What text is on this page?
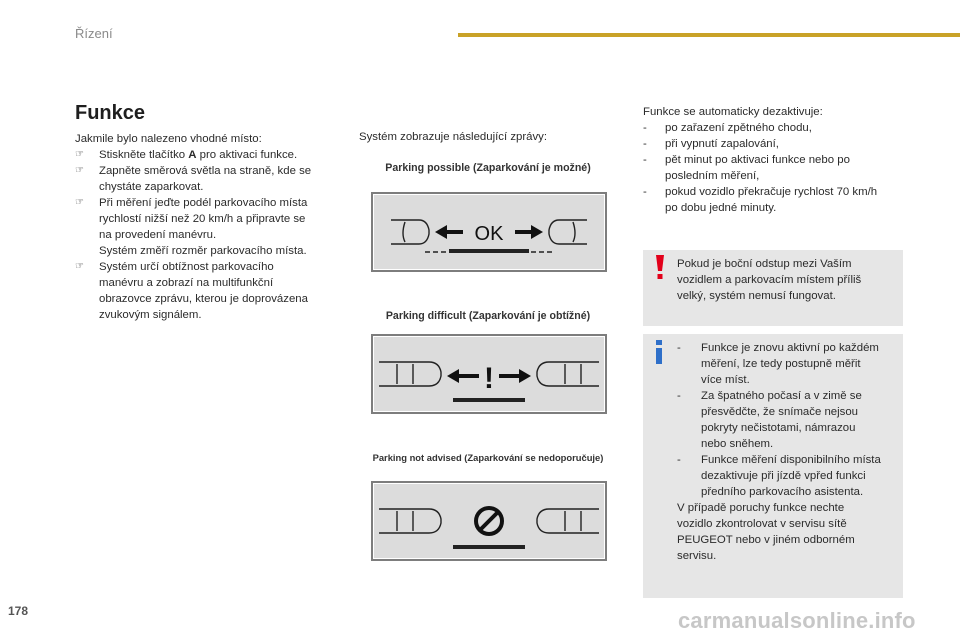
Řízení
Funkce
Jakmile bylo nalezeno vhodné místo:
☞	Stiskněte tlačítko A pro aktivaci funkce.
☞	Zapněte směrová světla na straně, kde se
chystáte zaparkovat.
☞	Při měření jeďte podél parkovacího místa
rychlostí nižší než 20 km/h a připravte se
na provedení manévru.
Systém změří rozměr parkovacího místa.
☞	Systém určí obtížnost parkovacího
manévru a zobrazí na multifunkční
obrazovce zprávu, kterou je doprovázena
zvukovým signálem.
Systém zobrazuje následující zprávy:
Parking possible (Zaparkování je možné)
OK
Parking difficult (Zaparkování je obtížné)
!
Parking not advised (Zaparkování se nedoporučuje)
Funkce se automaticky dezaktivuje:
-	po zařazení zpětného chodu,
-	při vypnutí zapalování,
-	pět minut po aktivaci funkce nebo po
posledním měření,
-	pokud vozidlo překračuje rychlost 70 km/h
po dobu jedné minuty.
Pokud je boční odstup mezi Vaším
vozidlem a parkovacím místem příliš
velký, systém nemusí fungovat.
-	Funkce je znovu aktivní po každém
měření, lze tedy postupně měřit
více míst.
-	Za špatného počasí a v zimě se
přesvědčte, že snímače nejsou
pokryty nečistotami, námrazou
nebo sněhem.
-	Funkce měření disponibilního místa
dezaktivuje při jízdě vpřed funkci
předního parkovacího asistenta.
V případě poruchy funkce nechte
vozidlo zkontrolovat v servisu sítě
PEUGEOT nebo v jiném odborném
servisu.
178	carmanualsonline.info
